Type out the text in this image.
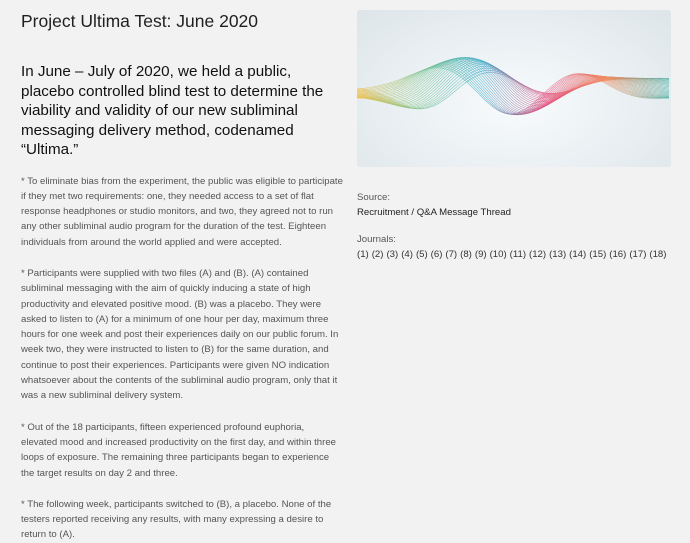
Project Ultima Test: June 2020

In June – July of 2020, we held a public, placebo controlled blind test to determine the viability and validity of our new subliminal messaging delivery method, codenamed “Ultima.”

* To eliminate bias from the experiment, the public was eligible to participate if they met two requirements: one, they needed access to a set of flat response headphones or studio monitors, and two, they agreed not to run any other subliminal audio program for the duration of the test. Eighteen individuals from around the world applied and were accepted.

* Participants were supplied with two files (A) and (B). (A) contained subliminal messaging with the aim of quickly inducing a state of high productivity and elevated positive mood. (B) was a placebo. They were asked to listen to (A) for a minimum of one hour per day, maximum three hours for one week and post their experiences daily on our public forum. In week two, they were instructed to listen to (B) for the same duration, and continue to post their experiences. Participants were given NO indication whatsoever about the contents of the subliminal audio program, only that it was a new subliminal delivery system.

* Out of the 18 participants, fifteen experienced profound euphoria, elevated mood and increased productivity on the first day, and within three loops of exposure. The remaining three participants began to experience the target results on day 2 and three.

* The following week, participants switched to (B), a placebo. None of the testers reported receiving any results, with many expressing a desire to return to (A).

Source:
Recruitment / Q&A Message Thread
Journals:
(1) (2) (3) (4) (5) (6) (7) (8) (9) (10) (11) (12) (13) (14) (15) (16) (17) (18)
